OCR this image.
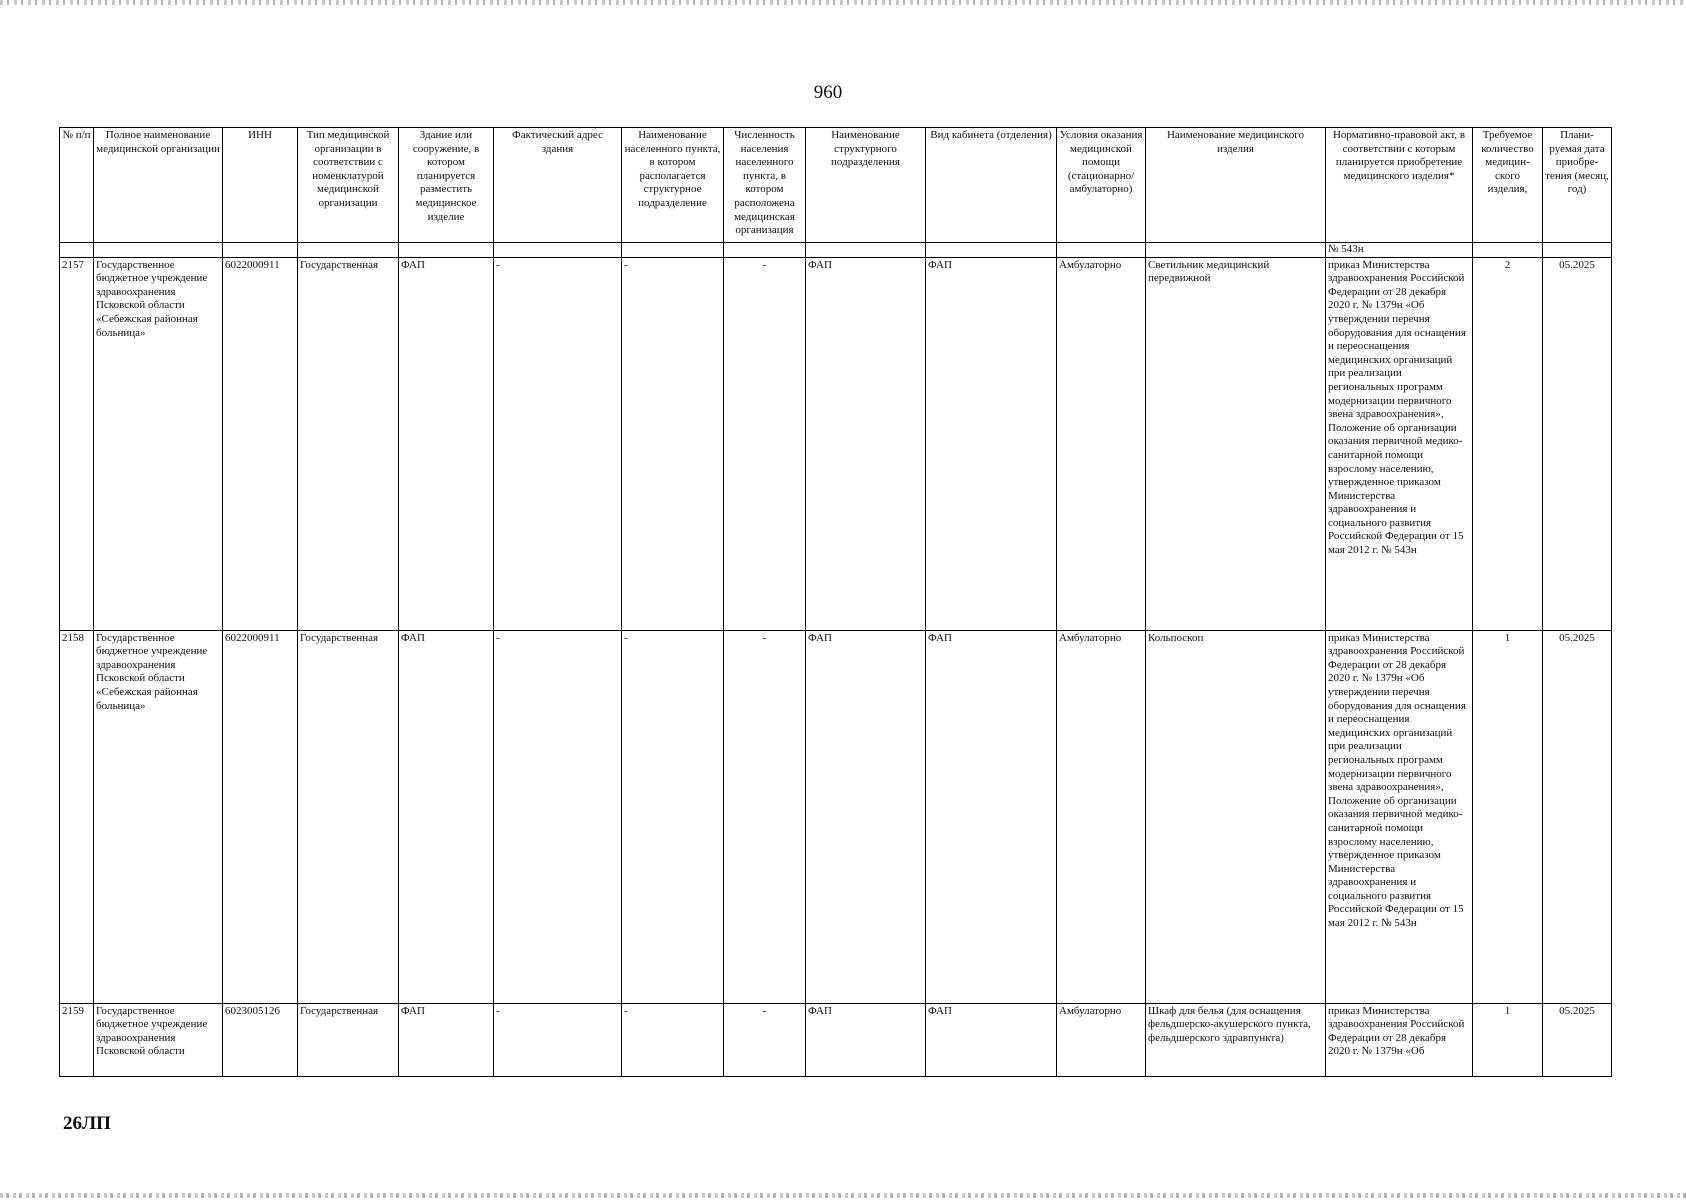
960
№ п/п	Полное наименование медицинской организации	ИНН	Тип медицинской организации в соответствии с номенклатурой медицинской организации	Здание или сооружение, в котором планируется разместить медицинское изделие	Фактический адрес здания	Наименование населенного пункта, в котором располагается структурное подразделение	Численность населения населенного пункта, в котором расположена медицинская организация	Наименование структурного подразделения	Вид кабинета (отделения)	Условия оказания медицинской помощи (стационарно/ амбулаторно)	Наименование медицинского изделия	Нормативно-правовой акт, в соответствии с которым планируется приобретение медицинского изделия*	Требуемое количество медицин-ского изделия,	Плани-руемая дата приобре-тения (месяц, год)
												№ 543н		
2157	Государственное бюджетное учреждение здравоохранения Псковской области «Себежская районная больница»	6022000911	Государственная	ФАП	-	-	-	ФАП	ФАП	Амбулаторно	Светильник медицинский передвижной	приказ Министерства здравоохранения Российской Федерации от 28 декабря 2020 г. № 1379н «Об утверждении перечня оборудования для оснащения и переоснащения медицинских организаций при реализации региональных программ модернизации первичного звена здравоохранения», Положение об организации оказания первичной медико-санитарной помощи взрослому населению, утвержденное приказом Министерства здравоохранения и социального развития Российской Федерации от 15 мая 2012 г. № 543н	2	05.2025
2158	Государственное бюджетное учреждение здравоохранения Псковской области «Себежская районная больница»	6022000911	Государственная	ФАП	-	-	-	ФАП	ФАП	Амбулаторно	Кольпоскоп	приказ Министерства здравоохранения Российской Федерации от 28 декабря 2020 г. № 1379н «Об утверждении перечня оборудования для оснащения и переоснащения медицинских организаций при реализации региональных программ модернизации первичного звена здравоохранения», Положение об организации оказания первичной медико-санитарной помощи взрослому населению, утвержденное приказом Министерства здравоохранения и социального развития Российской Федерации от 15 мая 2012 г. № 543н	1	05.2025
2159	Государственное бюджетное учреждение здравоохранения Псковской области	6023005126	Государственная	ФАП	-	-	-	ФАП	ФАП	Амбулаторно	Шкаф для белья (для оснащения фельдшерско-акушерского пункта, фельдшерского здравпункта)	приказ Министерства здравоохранения Российской Федерации от 28 декабря 2020 г. № 1379н «Об	1	05.2025
26ЛП
